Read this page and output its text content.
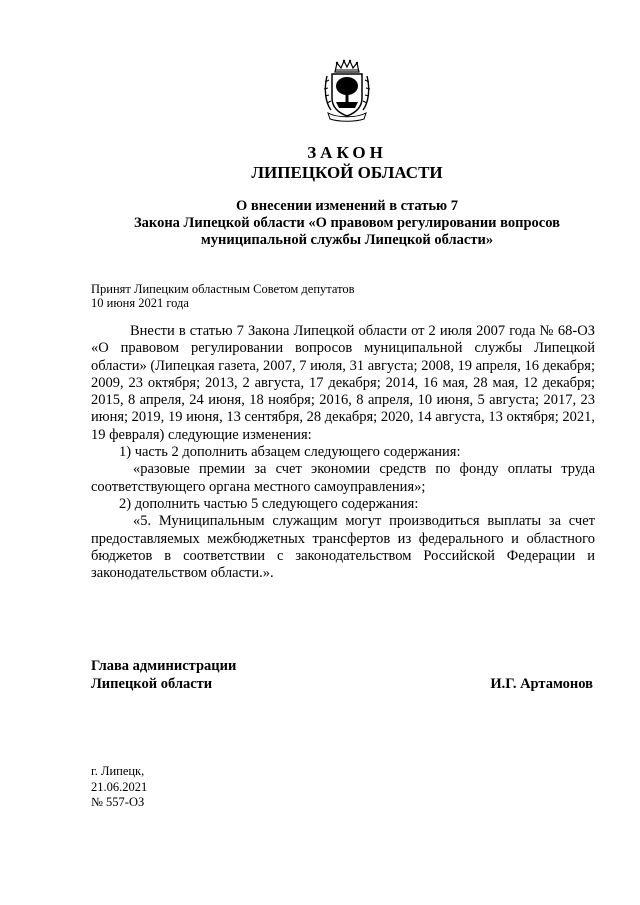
ЗАКОН
ЛИПЕЦКОЙ ОБЛАСТИ
О внесении изменений в статью 7
Закона Липецкой области «О правовом регулировании вопросов
муниципальной службы Липецкой области»
Принят Липецким областным Советом депутатов
10 июня 2021 года

Внести в статью 7 Закона Липецкой области от 2 июля 2007 года № 68-ОЗ «О правовом регулировании вопросов муниципальной службы Липецкой области» (Липецкая газета, 2007, 7 июля, 31 августа; 2008, 19 апреля, 16 декабря; 2009, 23 октября; 2013, 2 августа, 17 декабря; 2014, 16 мая, 28 мая, 12 декабря; 2015, 8 апреля, 24 июня, 18 ноября; 2016, 8 апреля, 10 июня, 5 августа; 2017, 23 июня; 2019, 19 июня, 13 сентября, 28 декабря; 2020, 14 августа, 13 октября; 2021, 19 февраля) следующие изменения:

1) часть 2 дополнить абзацем следующего содержания:

«разовые премии за счет экономии средств по фонду оплаты труда соответствующего органа местного самоуправления»;

2) дополнить частью 5 следующего содержания:

«5. Муниципальным служащим могут производиться выплаты за счет предоставляемых межбюджетных трансфертов из федерального и областного бюджетов в соответствии с законодательством Российской Федерации и законодательством области.».

Глава администрации
Липецкой области	И.Г. Артамонов
г. Липецк,
21.06.2021
№ 557-ОЗ
